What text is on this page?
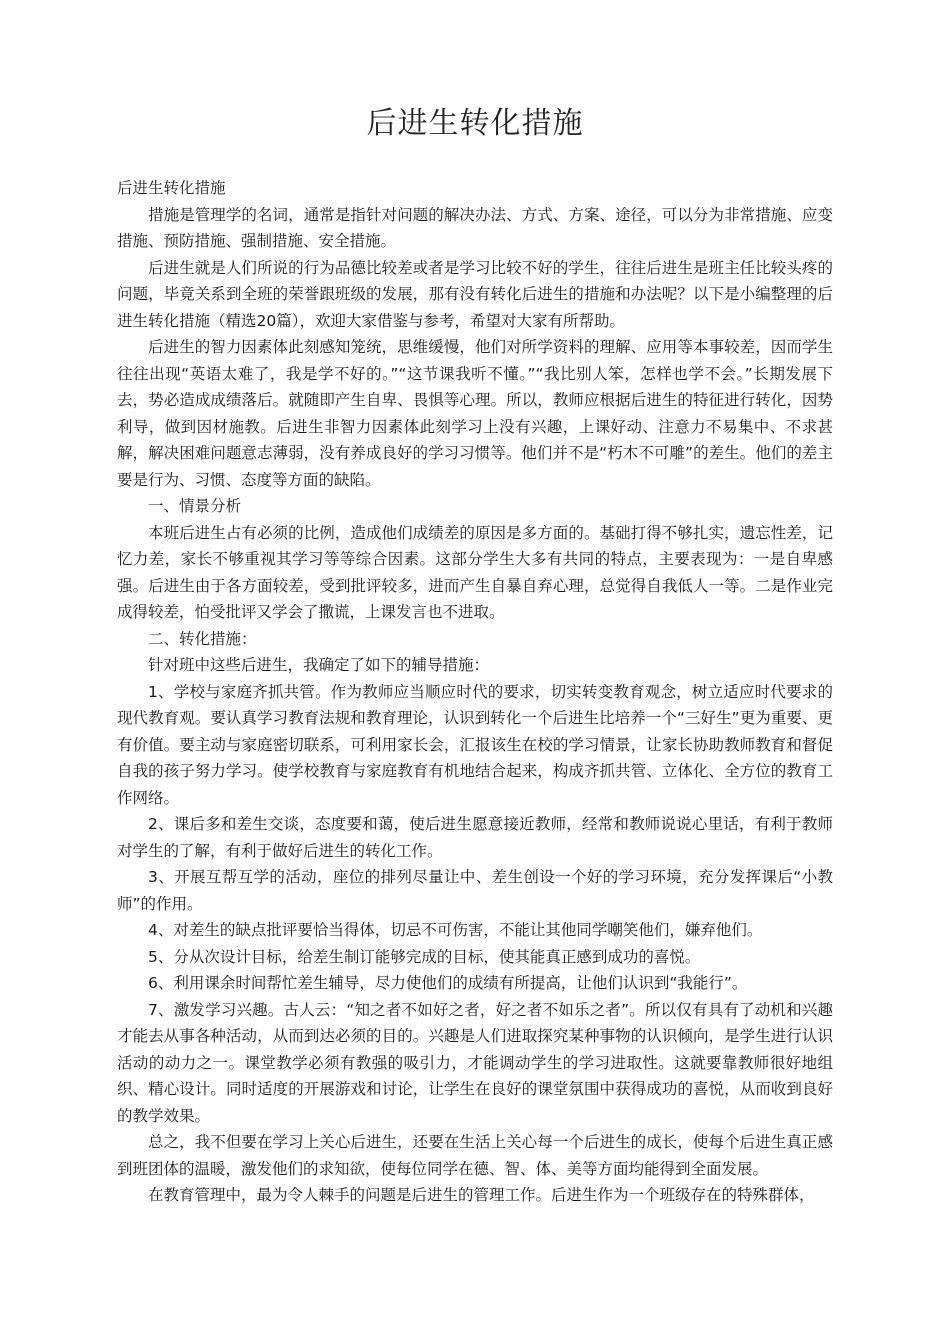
后进生转化措施

后进生转化措施

措施是管理学的名词，通常是指针对问题的解决办法、方式、方案、途径，可以分为非常措施、应变措施、预防措施、强制措施、安全措施。

后进生就是人们所说的行为品德比较差或者是学习比较不好的学生，往往后进生是班主任比较头疼的问题，毕竟关系到全班的荣誉跟班级的发展，那有没有转化后进生的措施和办法呢？以下是小编整理的后进生转化措施（精选20篇），欢迎大家借鉴与参考，希望对大家有所帮助。

后进生的智力因素体此刻感知笼统，思维缓慢，他们对所学资料的理解、应用等本事较差，因而学生往往出现“英语太难了，我是学不好的。”“这节课我听不懂。”“我比别人笨，怎样也学不会。”长期发展下去，势必造成成绩落后。就随即产生自卑、畏惧等心理。所以，教师应根据后进生的特征进行转化，因势利导，做到因材施教。后进生非智力因素体此刻学习上没有兴趣，上课好动、注意力不易集中、不求甚解，解决困难问题意志薄弱，没有养成良好的学习习惯等。他们并不是“朽木不可雕”的差生。他们的差主要是行为、习惯、态度等方面的缺陷。

一、情景分析

本班后进生占有必须的比例，造成他们成绩差的原因是多方面的。基础打得不够扎实，遗忘性差，记忆力差，家长不够重视其学习等等综合因素。这部分学生大多有共同的特点，主要表现为：一是自卑感强。后进生由于各方面较差，受到批评较多，进而产生自暴自弃心理，总觉得自我低人一等。二是作业完成得较差，怕受批评又学会了撒谎，上课发言也不进取。

二、转化措施：

针对班中这些后进生，我确定了如下的辅导措施：

1、学校与家庭齐抓共管。作为教师应当顺应时代的要求，切实转变教育观念，树立适应时代要求的现代教育观。要认真学习教育法规和教育理论，认识到转化一个后进生比培养一个“三好生”更为重要、更有价值。要主动与家庭密切联系，可利用家长会，汇报该生在校的学习情景，让家长协助教师教育和督促自我的孩子努力学习。使学校教育与家庭教育有机地结合起来，构成齐抓共管、立体化、全方位的教育工作网络。

2、课后多和差生交谈，态度要和蔼，使后进生愿意接近教师，经常和教师说说心里话，有利于教师对学生的了解，有利于做好后进生的转化工作。

3、开展互帮互学的活动，座位的排列尽量让中、差生创设一个好的学习环境，充分发挥课后“小教师”的作用。

4、对差生的缺点批评要恰当得体，切忌不可伤害，不能让其他同学嘲笑他们，嫌弃他们。

5、分从次设计目标，给差生制订能够完成的目标，使其能真正感到成功的喜悦。

6、利用课余时间帮忙差生辅导，尽力使他们的成绩有所提高，让他们认识到“我能行”。

7、激发学习兴趣。古人云：“知之者不如好之者，好之者不如乐之者”。所以仅有具有了动机和兴趣才能去从事各种活动，从而到达必须的目的。兴趣是人们进取探究某种事物的认识倾向，是学生进行认识活动的动力之一。课堂教学必须有教强的吸引力，才能调动学生的学习进取性。这就要靠教师很好地组织、精心设计。同时适度的开展游戏和讨论，让学生在良好的课堂氛围中获得成功的喜悦，从而收到良好的教学效果。

总之，我不但要在学习上关心后进生，还要在生活上关心每一个后进生的成长，使每个后进生真正感到班团体的温暖，激发他们的求知欲，使每位同学在德、智、体、美等方面均能得到全面发展。

在教育管理中，最为令人棘手的问题是后进生的管理工作。后进生作为一个班级存在的特殊群体，
